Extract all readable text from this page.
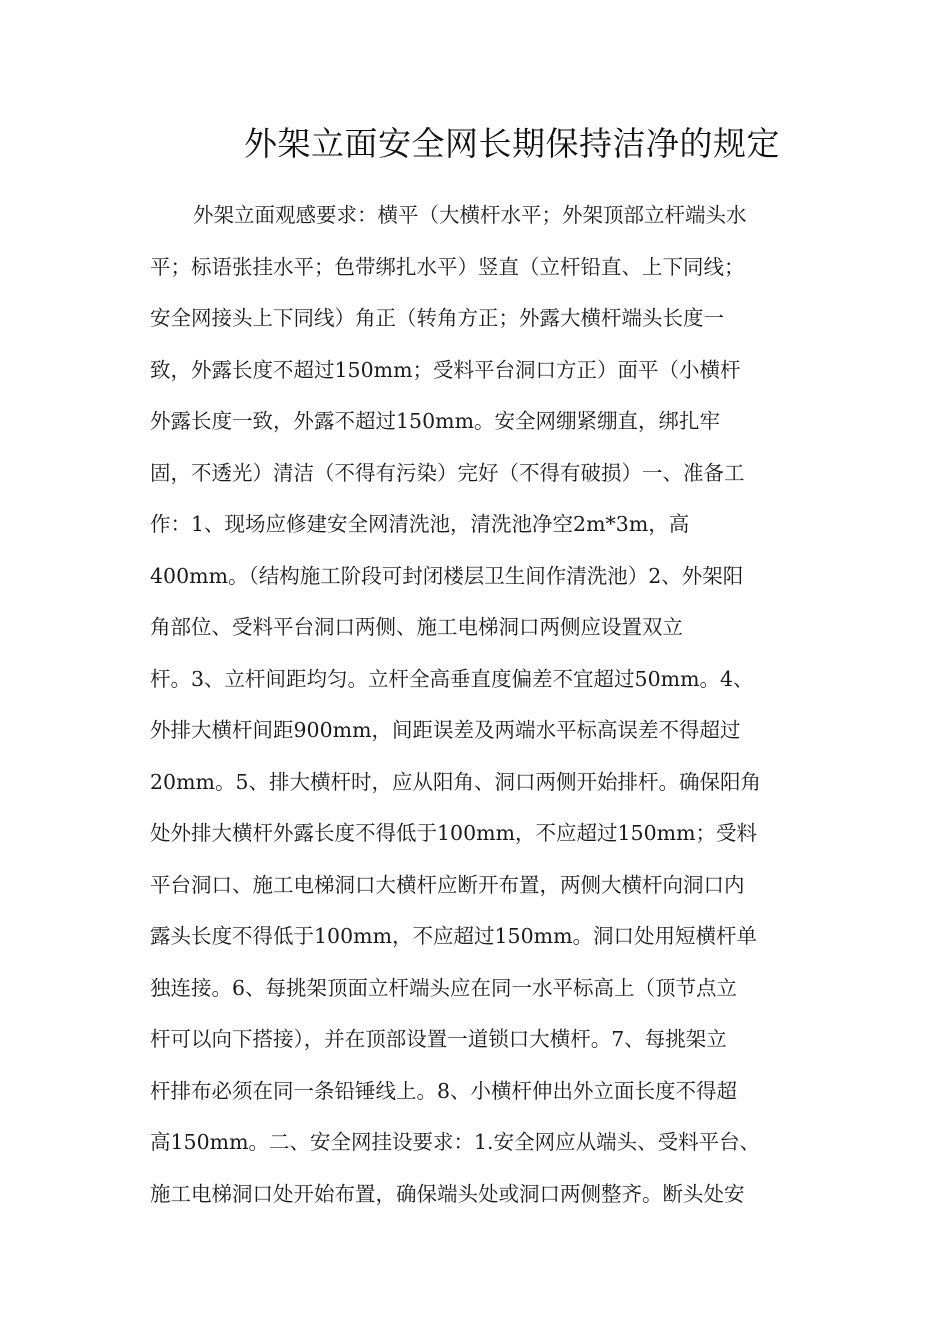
外架立面安全网长期保持洁净的规定
外架立面观感要求：横平（大横杆水平；外架顶部立杆端头水
平；标语张挂水平；色带绑扎水平）竖直（立杆铅直、上下同线；
安全网接头上下同线）角正（转角方正；外露大横杆端头长度一
致，外露长度不超过150mm；受料平台洞口方正）面平（小横杆
外露长度一致，外露不超过150mm。安全网绷紧绷直，绑扎牢
固，不透光）清洁（不得有污染）完好（不得有破损）一、准备工
作：1、现场应修建安全网清洗池，清洗池净空2m*3m，高
400mm。（结构施工阶段可封闭楼层卫生间作清洗池）2、外架阳
角部位、受料平台洞口两侧、施工电梯洞口两侧应设置双立
杆。3、立杆间距均匀。立杆全高垂直度偏差不宜超过50mm。4、
外排大横杆间距900mm，间距误差及两端水平标高误差不得超过
20mm。5、排大横杆时，应从阳角、洞口两侧开始排杆。确保阳角
处外排大横杆外露长度不得低于100mm，不应超过150mm；受料
平台洞口、施工电梯洞口大横杆应断开布置，两侧大横杆向洞口内
露头长度不得低于100mm，不应超过150mm。洞口处用短横杆单
独连接。6、每挑架顶面立杆端头应在同一水平标高上（顶节点立
杆可以向下搭接），并在顶部设置一道锁口大横杆。7、每挑架立
杆排布必须在同一条铅锤线上。8、小横杆伸出外立面长度不得超
高150mm。二、安全网挂设要求：1.安全网应从端头、受料平台、
施工电梯洞口处开始布置，确保端头处或洞口两侧整齐。断头处安
